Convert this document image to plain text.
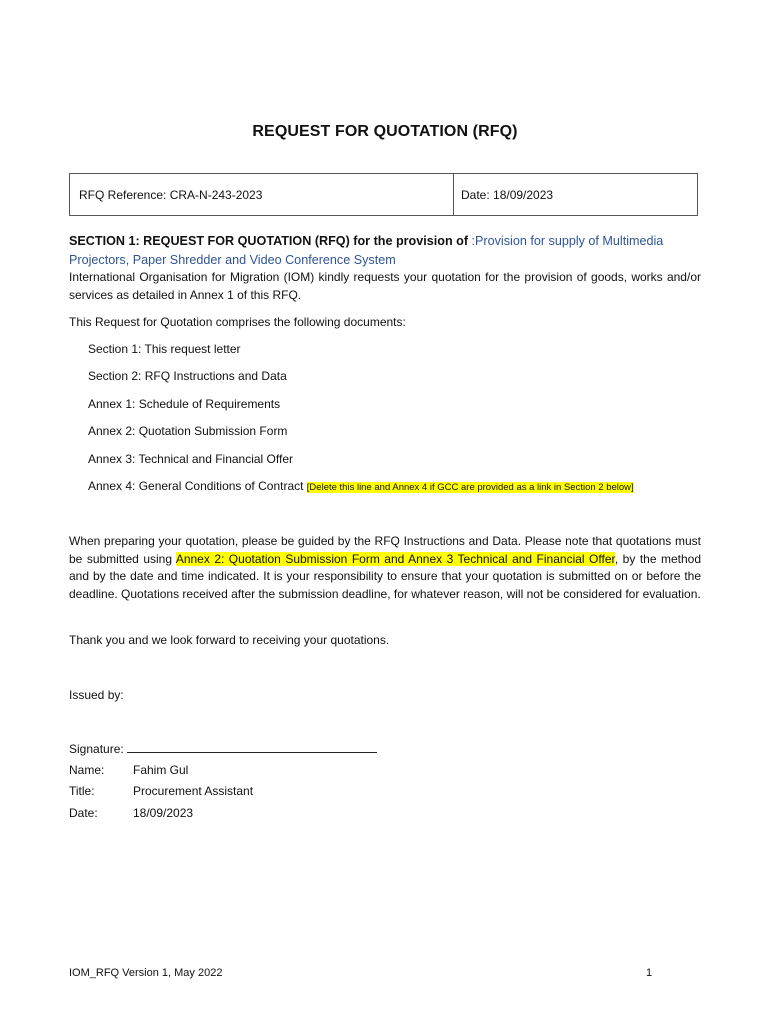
REQUEST FOR QUOTATION (RFQ)
RFQ Reference: CRA-N-243-2023	Date: 18/09/2023
SECTION 1: REQUEST FOR QUOTATION (RFQ) for the provision of :Provision for supply of Multimedia Projectors, Paper Shredder and Video Conference System
International Organisation for Migration (IOM) kindly requests your quotation for the provision of goods, works and/or services as detailed in Annex 1 of this RFQ.
This Request for Quotation comprises the following documents:
Section 1: This request letter
Section 2: RFQ Instructions and Data
Annex 1: Schedule of Requirements
Annex 2: Quotation Submission Form
Annex 3: Technical and Financial Offer
Annex 4: General Conditions of Contract [Delete this line and Annex 4 if GCC are provided as a link in Section 2 below]
When preparing your quotation, please be guided by the RFQ Instructions and Data. Please note that quotations must be submitted using Annex 2: Quotation Submission Form and Annex 3 Technical and Financial Offer, by the method and by the date and time indicated. It is your responsibility to ensure that your quotation is submitted on or before the deadline. Quotations received after the submission deadline, for whatever reason, will not be considered for evaluation.
Thank you and we look forward to receiving your quotations.
Issued by:
Signature:
Name: Fahim Gul
Title:	Procurement Assistant
Date:	18/09/2023
IOM_RFQ Version 1, May 2022	1
